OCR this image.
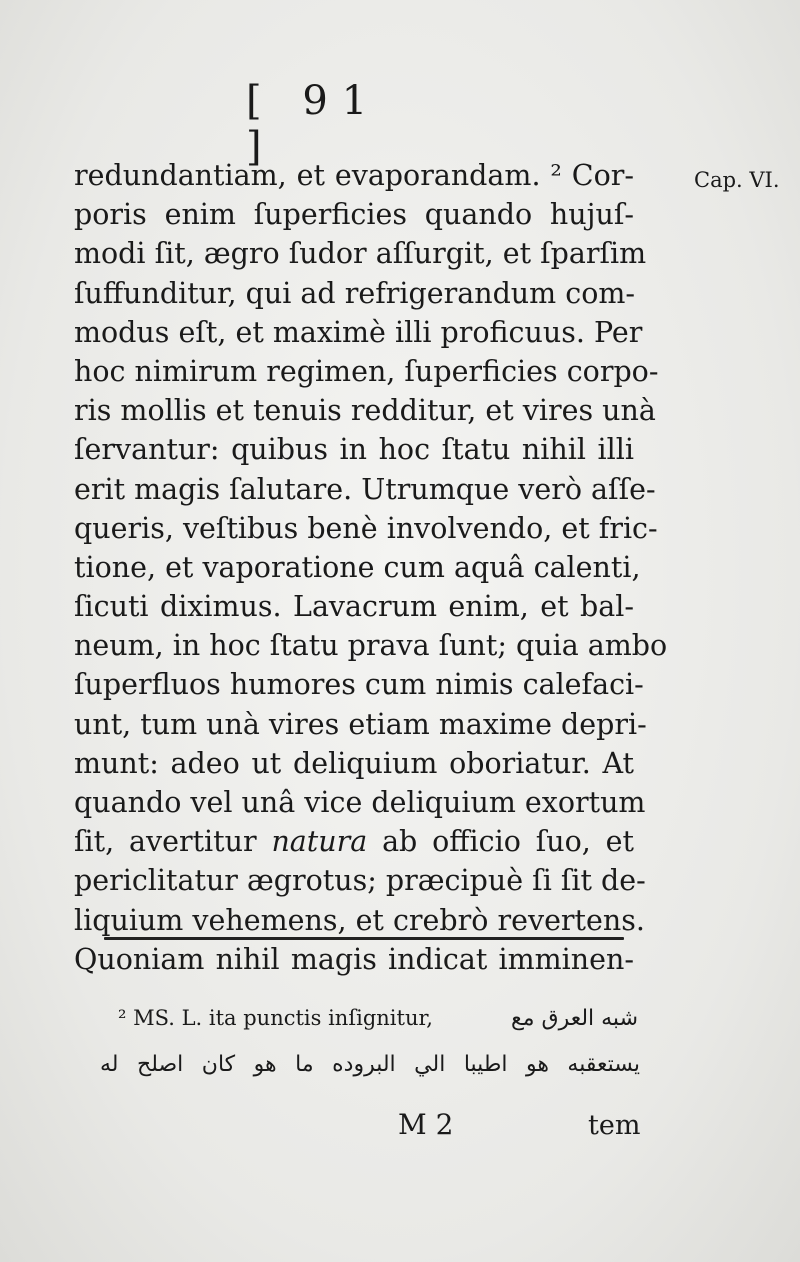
[ 91 ]
Cap. VI.
redundantiam, et evaporandam. ² Cor-
poris enim ſuperficies quando hujuſ-
modi ſit, ægro ſudor aſſurgit, et ſparſim
ſuffunditur, qui ad refrigerandum com-
modus eſt, et maximè illi proficuus. Per
hoc nimirum regimen, ſuperficies corpo-
ris mollis et tenuis redditur, et vires unà
ſervantur: quibus in hoc ſtatu nihil illi
erit magis ſalutare. Utrumque verò aſſe-
queris, veſtibus benè involvendo, et fric-
tione, et vaporatione cum aquâ calenti,
ſicuti diximus. Lavacrum enim, et bal-
neum, in hoc ſtatu prava ſunt; quia ambo
ſuperfluos humores cum nimis calefaci-
unt, tum unà vires etiam maxime depri-
munt: adeo ut deliquium oboriatur. At
quando vel unâ vice deliquium exortum
ſit, avertitur natura ab officio ſuo, et
periclitatur ægrotus; præcipuè ſi ſit de-
liquium vehemens, et crebrò revertens.
Quoniam nihil magis indicat imminen-
² MS. L. ita punctis inſignitur,	شبه العرق مع
يستعقبه هو اطيبا الي البروده ما هو كان اصلح له
M 2	tem
